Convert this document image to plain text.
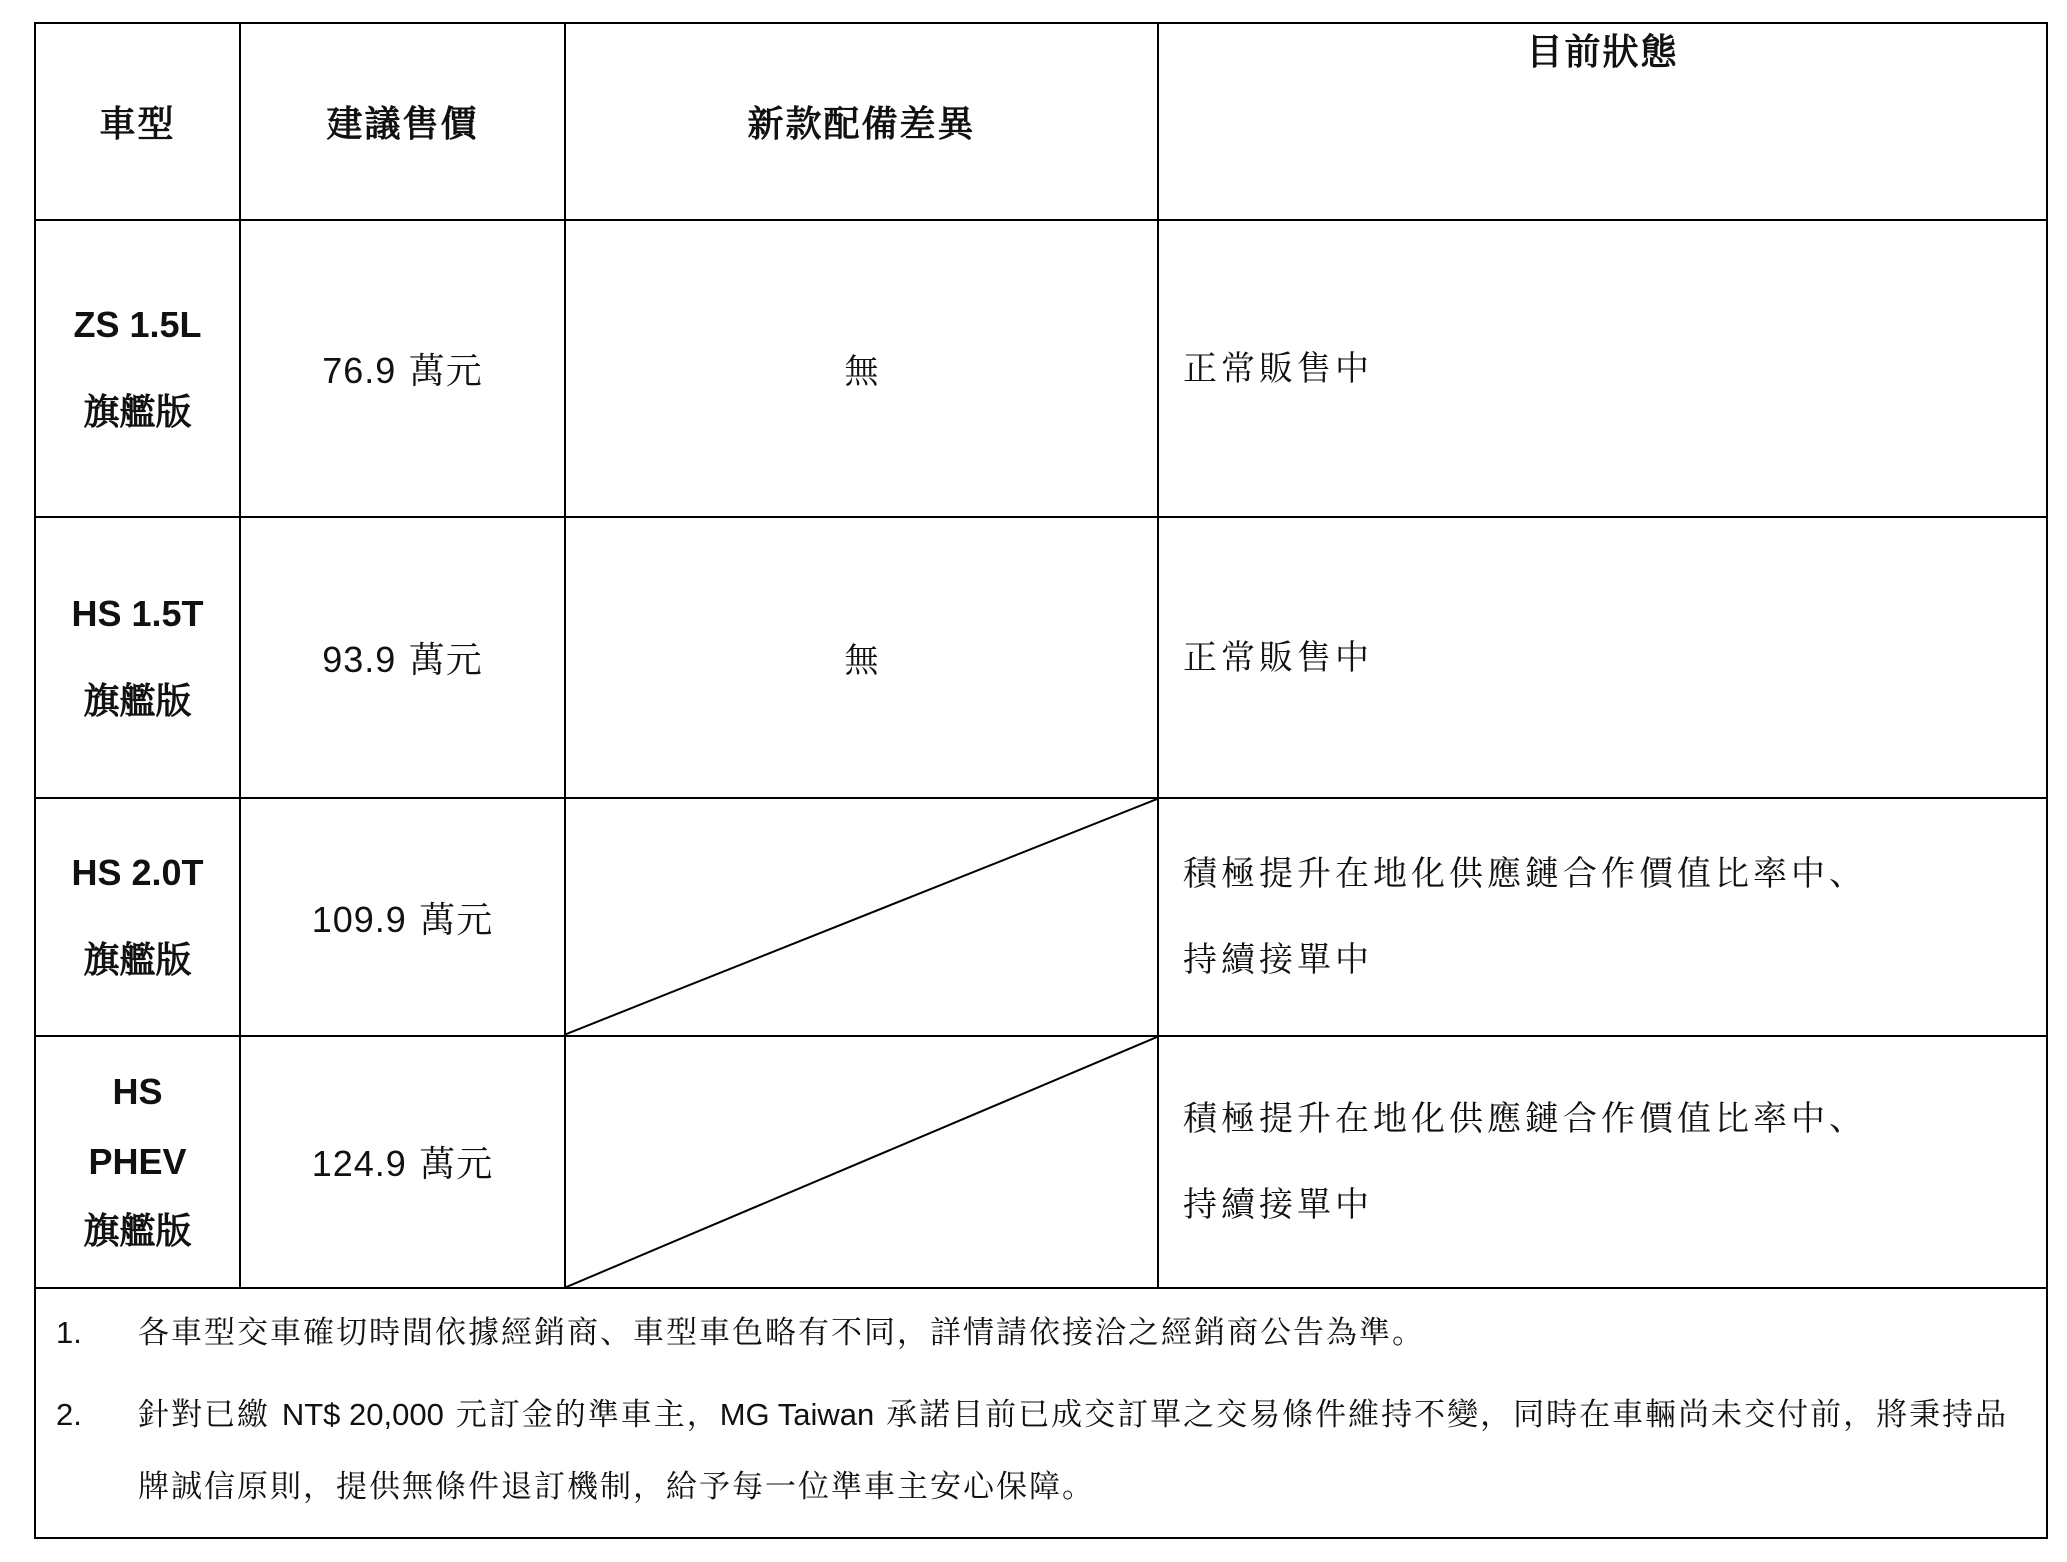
車型	建議售價	新款配備差異	目前狀態

ZS 1.5L
旗艦版	76.9 萬元	無	正常販售中

HS 1.5T
旗艦版	93.9 萬元	無	正常販售中

HS 2.0T
旗艦版	109.9 萬元		積極提升在地化供應鏈合作價值比率中、
持續接單中

HS
PHEV
旗艦版	124.9 萬元		積極提升在地化供應鏈合作價值比率中、
持續接單中

1. 各車型交車確切時間依據經銷商、車型車色略有不同，詳情請依接洽之經銷商公告為準。
2. 針對已繳 NT$ 20,000 元訂金的準車主，MG Taiwan 承諾目前已成交訂單之交易條件維持不變，同時在車輛尚未交付前，將秉持品牌誠信原則，提供無條件退訂機制，給予每一位準車主安心保障。			
